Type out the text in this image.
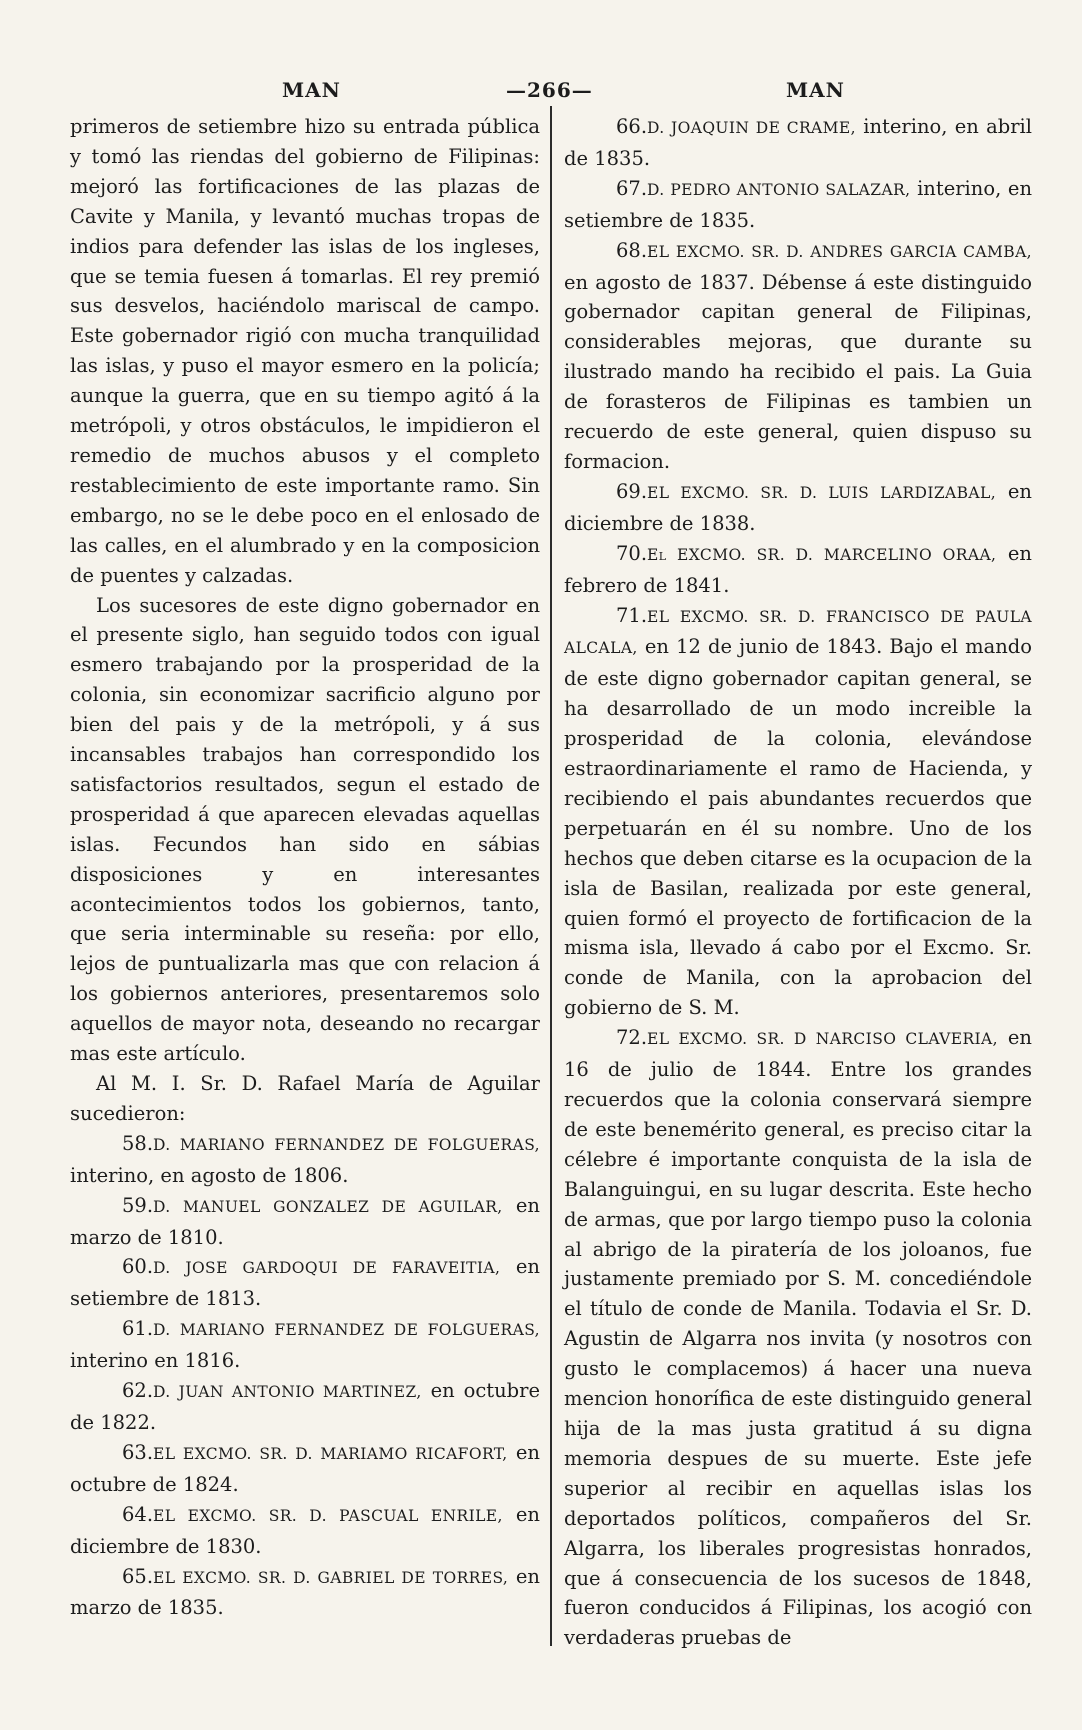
MAN	—266—	MAN

primeros de setiembre hizo su entrada pública y tomó las riendas del gobierno de Filipinas: mejoró las fortificaciones de las plazas de Cavite y Manila, y levantó muchas tropas de indios para defender las islas de los ingleses, que se temia fuesen á tomarlas. El rey premió sus desvelos, haciéndolo mariscal de campo. Este gobernador rigió con mucha tranquilidad las islas, y puso el mayor esmero en la policía; aunque la guerra, que en su tiempo agitó á la metrópoli, y otros obstáculos, le impidieron el remedio de muchos abusos y el completo restablecimiento de este importante ramo. Sin embargo, no se le debe poco en el enlosado de las calles, en el alumbrado y en la composicion de puentes y calzadas.

Los sucesores de este digno gobernador en el presente siglo, han seguido todos con igual esmero trabajando por la prosperidad de la colonia, sin economizar sacrificio alguno por bien del pais y de la metrópoli, y á sus incansables trabajos han correspondido los satisfactorios resultados, segun el estado de prosperidad á que aparecen elevadas aquellas islas. Fecundos han sido en sábias disposiciones y en interesantes acontecimientos todos los gobiernos, tanto, que seria interminable su reseña: por ello, lejos de puntualizarla mas que con relacion á los gobiernos anteriores, presentaremos solo aquellos de mayor nota, deseando no recargar mas este artículo.

Al M. I. Sr. D. Rafael María de Aguilar sucedieron:

58.D. MARIANO FERNANDEZ DE FOLGUERAS, interino, en agosto de 1806.

59.D. MANUEL GONZALEZ DE AGUILAR, en marzo de 1810.

60.D. JOSE GARDOQUI DE FARAVEITIA, en setiembre de 1813.

61.D. MARIANO FERNANDEZ DE FOLGUERAS, interino en 1816.

62.D. JUAN ANTONIO MARTINEZ, en octubre de 1822.

63.EL EXCMO. SR. D. MARIAMO RICAFORT, en octubre de 1824.

64.EL EXCMO. SR. D. PASCUAL ENRILE, en diciembre de 1830.

65.EL EXCMO. SR. D. GABRIEL DE TORRES, en marzo de 1835.

66.D. JOAQUIN DE CRAME, interino, en abril de 1835.

67.D. PEDRO ANTONIO SALAZAR, interino, en setiembre de 1835.

68.EL EXCMO. SR. D. ANDRES GARCIA CAMBA, en agosto de 1837. Débense á este distinguido gobernador capitan general de Filipinas, considerables mejoras, que durante su ilustrado mando ha recibido el pais. La Guia de forasteros de Filipinas es tambien un recuerdo de este general, quien dispuso su formacion.

69.EL EXCMO. SR. D. LUIS LARDIZABAL, en diciembre de 1838.

70.El EXCMO. SR. D. MARCELINO ORAA, en febrero de 1841.

71.EL EXCMO. SR. D. FRANCISCO DE PAULA ALCALA, en 12 de junio de 1843. Bajo el mando de este digno gobernador capitan general, se ha desarrollado de un modo increible la prosperidad de la colonia, elevándose estraordinariamente el ramo de Hacienda, y recibiendo el pais abundantes recuerdos que perpetuarán en él su nombre. Uno de los hechos que deben citarse es la ocupacion de la isla de Basilan, realizada por este general, quien formó el proyecto de fortificacion de la misma isla, llevado á cabo por el Excmo. Sr. conde de Manila, con la aprobacion del gobierno de S. M.

72.EL EXCMO. SR. D NARCISO CLAVERIA, en 16 de julio de 1844. Entre los grandes recuerdos que la colonia conservará siempre de este benemérito general, es preciso citar la célebre é importante conquista de la isla de Balanguingui, en su lugar descrita. Este hecho de armas, que por largo tiempo puso la colonia al abrigo de la piratería de los joloanos, fue justamente premiado por S. M. concediéndole el título de conde de Manila. Todavia el Sr. D. Agustin de Algarra nos invita (y nosotros con gusto le complacemos) á hacer una nueva mencion honorífica de este distinguido general hija de la mas justa gratitud á su digna memoria despues de su muerte. Este jefe superior al recibir en aquellas islas los deportados políticos, compañeros del Sr. Algarra, los liberales progresistas honrados, que á consecuencia de los sucesos de 1848, fueron conducidos á Filipinas, los acogió con verdaderas pruebas de
